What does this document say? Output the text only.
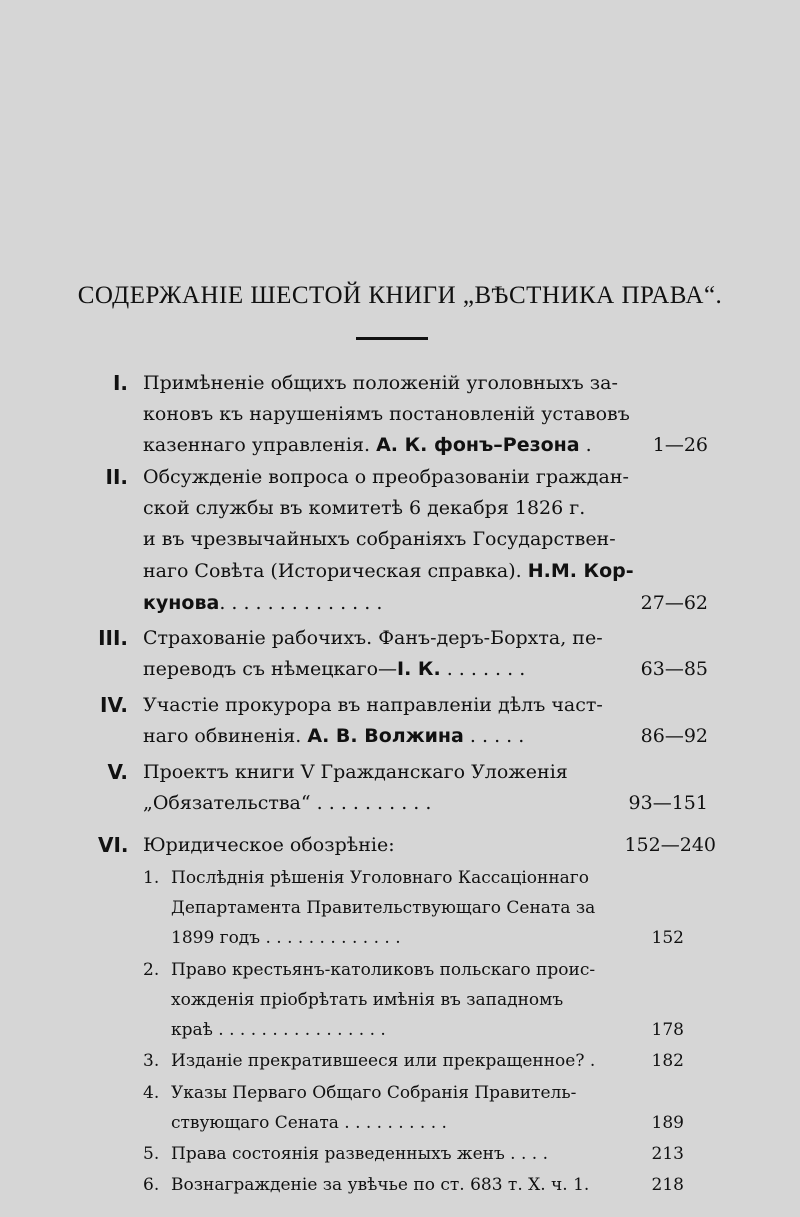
СОДЕРЖАНІЕ ШЕСТОЙ КНИГИ „ВѢСТНИКА ПРАВА“.
I. Примѣненіе общихъ положеній уголовныхъ за-
коновъ къ нарушеніямъ постановленій уставовъ
казеннаго управленія. А. К. фонъ–Резона .	1—26
II. Обсужденіе вопроса о преобразованіи граждан-
ской службы въ комитетѣ 6 декабря 1826 г.
и въ чрезвычайныхъ собраніяхъ Государствен-
наго Совѣта (Историческая справка). Н.М. Кор-
кунова. . . . . . . . . . . . . .	27—62
III. Страхованіе рабочихъ. Фанъ-деръ-Борхта, пе-
переводъ съ нѣмецкаго—I. К. . . . . . . .	63—85
IV. Участіе прокурора въ направленіи дѣлъ част-
наго обвиненія. А. В. Волжина . . . . .	86—92
V. Проектъ книги V Гражданскаго Уложенія
„Обязательства“ . . . . . . . . . .	93—151
VI. Юридическое обозрѣніе:	152—240
1. Послѣднія рѣшенія Уголовнаго Кассаціоннаго
Департамента Правительствующаго Сената за
1899 годъ . . . . . . . . . . . . .	152
2. Право крестьянъ-католиковъ польскаго проис-
хожденія пріобрѣтать имѣнія въ западномъ
краѣ . . . . . . . . . . . . . . . .	178
3. Изданіе прекратившееся или прекращенное? .	182
4. Указы Перваго Общаго Собранія Правитель-
ствующаго Сената . . . . . . . . . .	189
5. Права состоянія разведенныхъ женъ . . . .	213
6. Вознагражденіе за увѣчье по ст. 683 т. X. ч. 1.	218
